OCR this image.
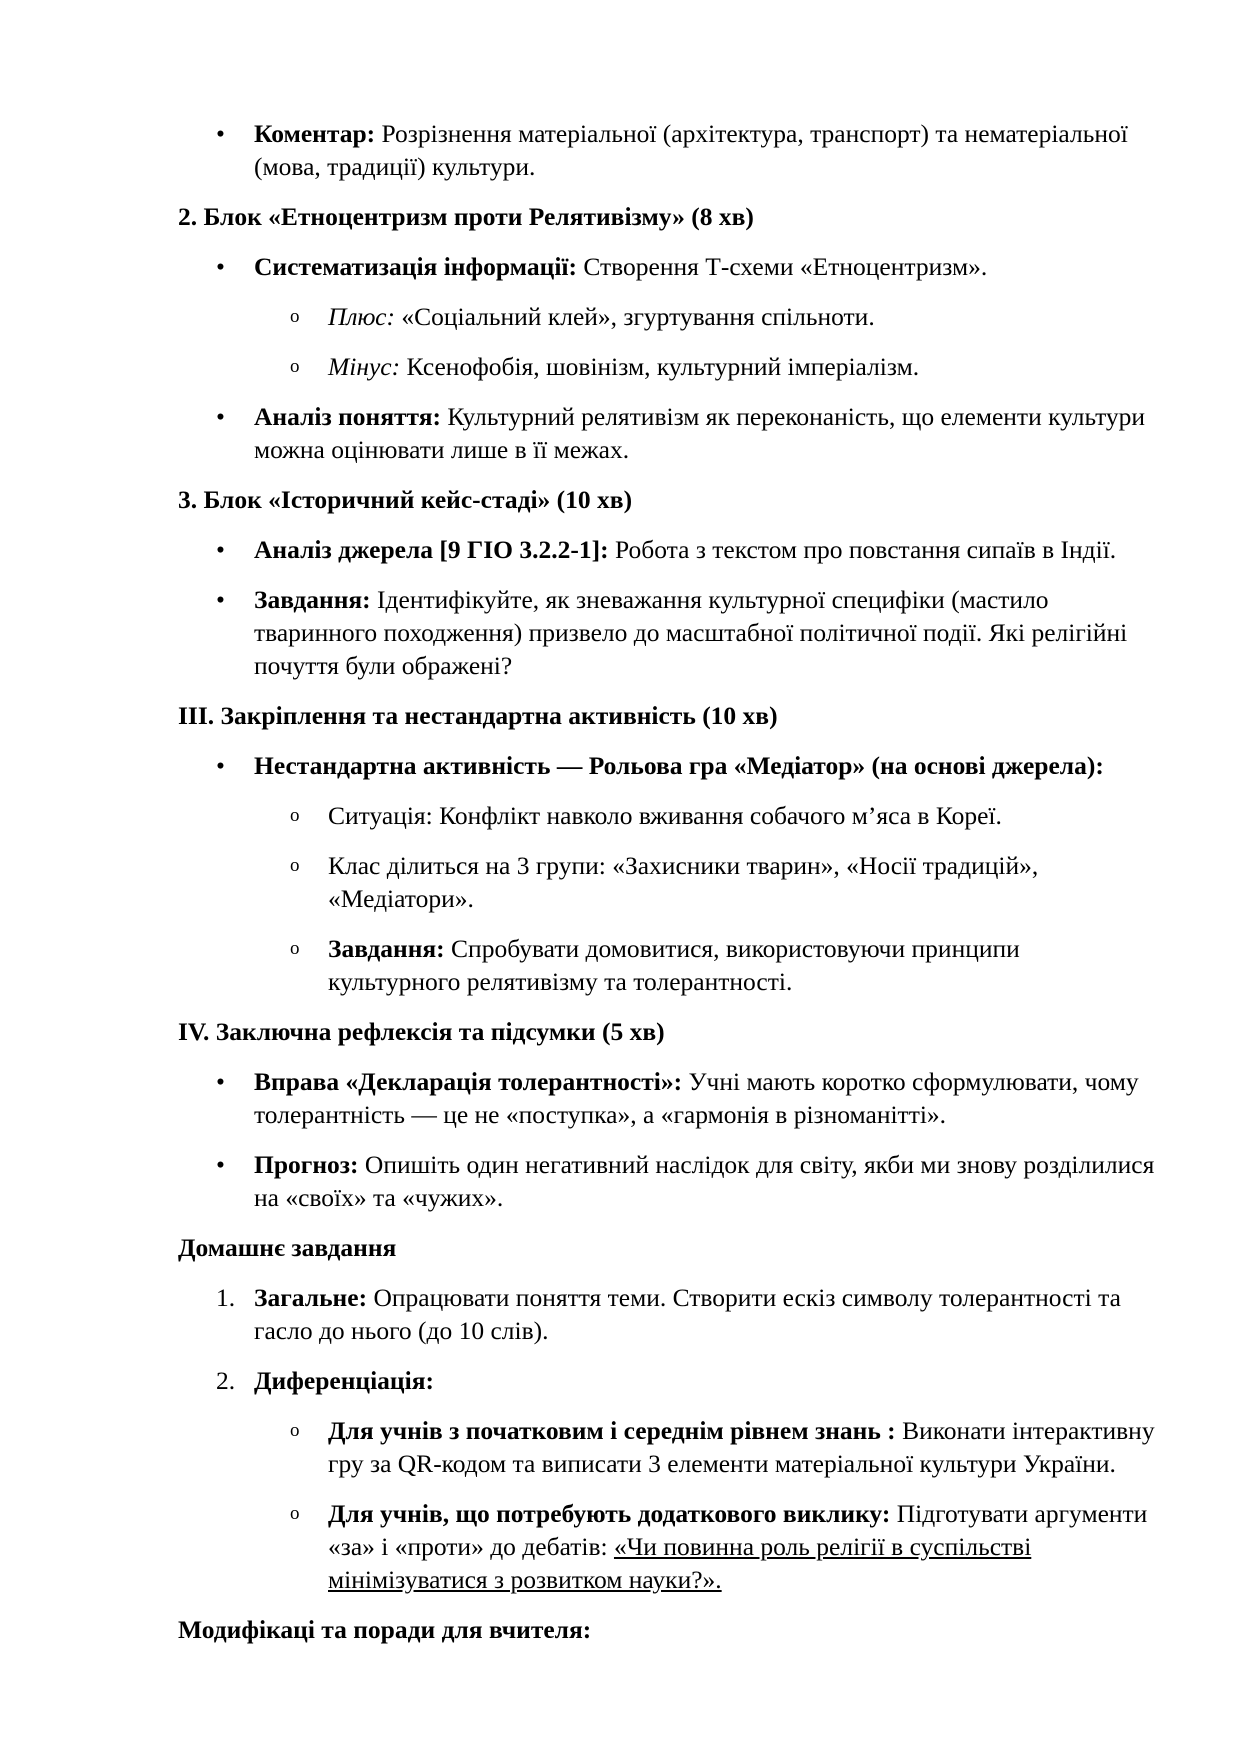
•	Коментар: Розрізнення матеріальної (архітектура, транспорт) та нематеріальної (мова, традиції) культури.
2. Блок «Етноцентризм проти Релятивізму» (8 хв)
•	Систематизація інформації: Створення Т-схеми «Етноцентризм».
o Плюс: «Соціальний клей», згуртування спільноти.
o Мінус: Ксенофобія, шовінізм, культурний імперіалізм.
•	Аналіз поняття: Культурний релятивізм як переконаність, що елементи культури можна оцінювати лише в її межах.
3. Блок «Історичний кейс-стаді» (10 хв)
•	Аналіз джерела [9 ГІО 3.2.2-1]: Робота з текстом про повстання сипаїв в Індії.
•	Завдання: Ідентифікуйте, як зневажання культурної специфіки (мастило тваринного походження) призвело до масштабної політичної події. Які релігійні почуття були ображені?
ІІІ. Закріплення та нестандартна активність (10 хв)
•	Нестандартна активність — Рольова гра «Медіатор» (на основі джерела):
o Ситуація: Конфлікт навколо вживання собачого м’яса в Кореї.
o Клас ділиться на 3 групи: «Захисники тварин», «Носії традицій», «Медіатори».
o Завдання: Спробувати домовитися, використовуючи принципи культурного релятивізму та толерантності.
IV. Заключна рефлексія та підсумки (5 хв)
•	Вправа «Декларація толерантності»: Учні мають коротко сформулювати, чому толерантність — це не «поступка», а «гармонія в різноманітті».
•	Прогноз: Опишіть один негативний наслідок для світу, якби ми знову розділилися на «своїх» та «чужих».
Домашнє завдання
1. Загальне: Опрацювати поняття теми. Створити ескіз символу толерантності та гасло до нього (до 10 слів).
2. Диференціація:
o Для учнів з початковим і середнім рівнем знань : Виконати інтерактивну гру за QR-кодом та виписати 3 елементи матеріальної культури України.
o Для учнів, що потребують додаткового виклику: Підготувати аргументи «за» і «проти» до дебатів: «Чи повинна роль релігії в суспільстві мінімізуватися з розвитком науки?».
Модифікаці та поради для вчителя:
